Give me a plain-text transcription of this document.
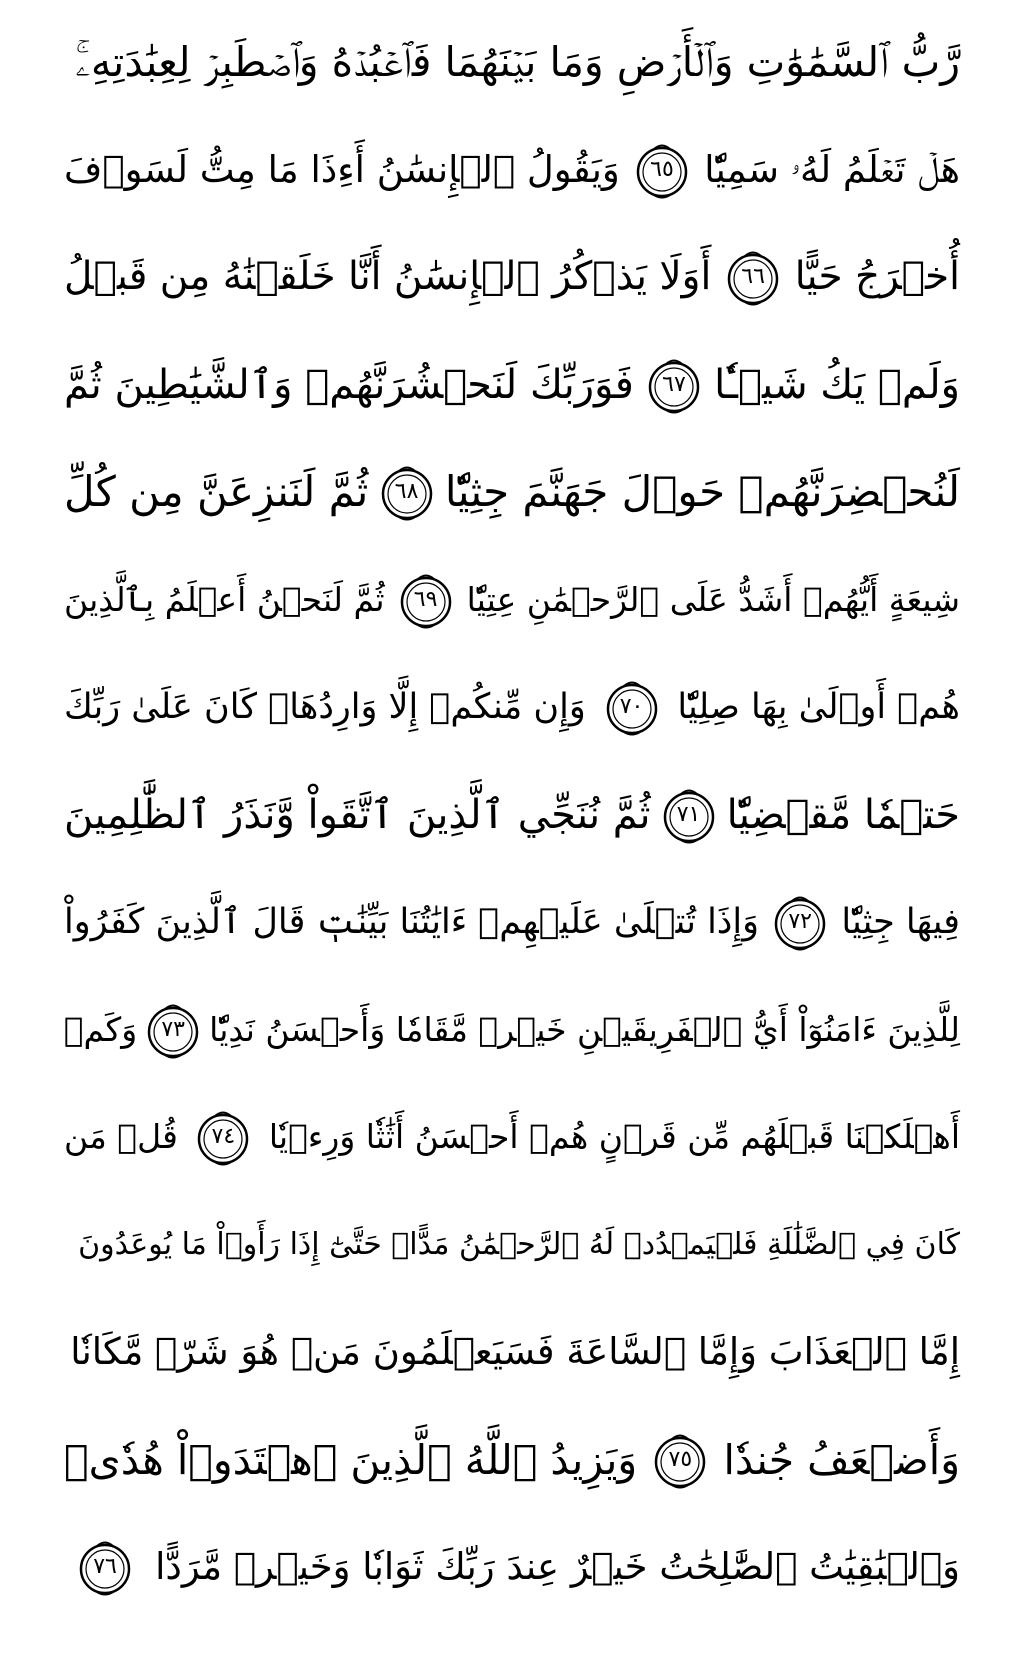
رَّبُّ ٱلسَّمَٰوَٰتِ وَٱلۡأَرۡضِ وَمَا بَيۡنَهُمَا فَٱعۡبُدۡهُ وَٱصۡطَبِرۡ لِعِبَٰدَتِهِۦۚ
هَلۡ تَعۡلَمُ لَهُۥ سَمِيّٗا
٦٥
وَيَقُولُ ٱلۡإِنسَٰنُ أَءِذَا مَا مِتُّ لَسَوۡفَ
أُخۡرَجُ حَيًّا
٦٦
أَوَلَا يَذۡكُرُ ٱلۡإِنسَٰنُ أَنَّا خَلَقۡنَٰهُ مِن قَبۡلُ
وَلَمۡ يَكُ شَيۡـٔٗا
٦٧
فَوَرَبِّكَ لَنَحۡشُرَنَّهُمۡ وَٱلشَّيَٰطِينَ ثُمَّ
لَنُحۡضِرَنَّهُمۡ حَوۡلَ جَهَنَّمَ جِثِيّٗا
٦٨
ثُمَّ لَنَنزِعَنَّ مِن كُلِّ
شِيعَةٍ أَيُّهُمۡ أَشَدُّ عَلَى ٱلرَّحۡمَٰنِ عِتِيّٗا
٦٩
ثُمَّ لَنَحۡنُ أَعۡلَمُ بِٱلَّذِينَ
هُمۡ أَوۡلَىٰ بِهَا صِلِيّٗا
٧٠
وَإِن مِّنكُمۡ إِلَّا وَارِدُهَاۚ كَانَ عَلَىٰ رَبِّكَ
حَتۡمٗا مَّقۡضِيّٗا
٧١
ثُمَّ نُنَجِّي ٱلَّذِينَ ٱتَّقَواْ وَّنَذَرُ ٱلظَّٰلِمِينَ
فِيهَا جِثِيّٗا
٧٢
وَإِذَا تُتۡلَىٰ عَلَيۡهِمۡ ءَايَٰتُنَا بَيِّنَٰتٖ قَالَ ٱلَّذِينَ كَفَرُواْ
لِلَّذِينَ ءَامَنُوٓاْ أَيُّ ٱلۡفَرِيقَيۡنِ خَيۡرٞ مَّقَامٗا وَأَحۡسَنُ نَدِيّٗا
٧٣
وَكَمۡ
أَهۡلَكۡنَا قَبۡلَهُم مِّن قَرۡنٍ هُمۡ أَحۡسَنُ أَثَٰثٗا وَرِءۡيٗا
٧٤
قُلۡ مَن
كَانَ فِي ٱلضَّلَٰلَةِ فَلۡيَمۡدُدۡ لَهُ ٱلرَّحۡمَٰنُ مَدًّاۚ حَتَّىٰٓ إِذَا رَأَوۡاْ مَا يُوعَدُونَ
إِمَّا ٱلۡعَذَابَ وَإِمَّا ٱلسَّاعَةَ فَسَيَعۡلَمُونَ مَنۡ هُوَ شَرّٞ مَّكَانٗا
وَأَضۡعَفُ جُندٗا
٧٥
وَيَزِيدُ ٱللَّهُ ٱلَّذِينَ ٱهۡتَدَوۡاْ هُدٗىۗ
وَٱلۡبَٰقِيَٰتُ ٱلصَّٰلِحَٰتُ خَيۡرٌ عِندَ رَبِّكَ ثَوَابٗا وَخَيۡرٞ مَّرَدًّا
٧٦
